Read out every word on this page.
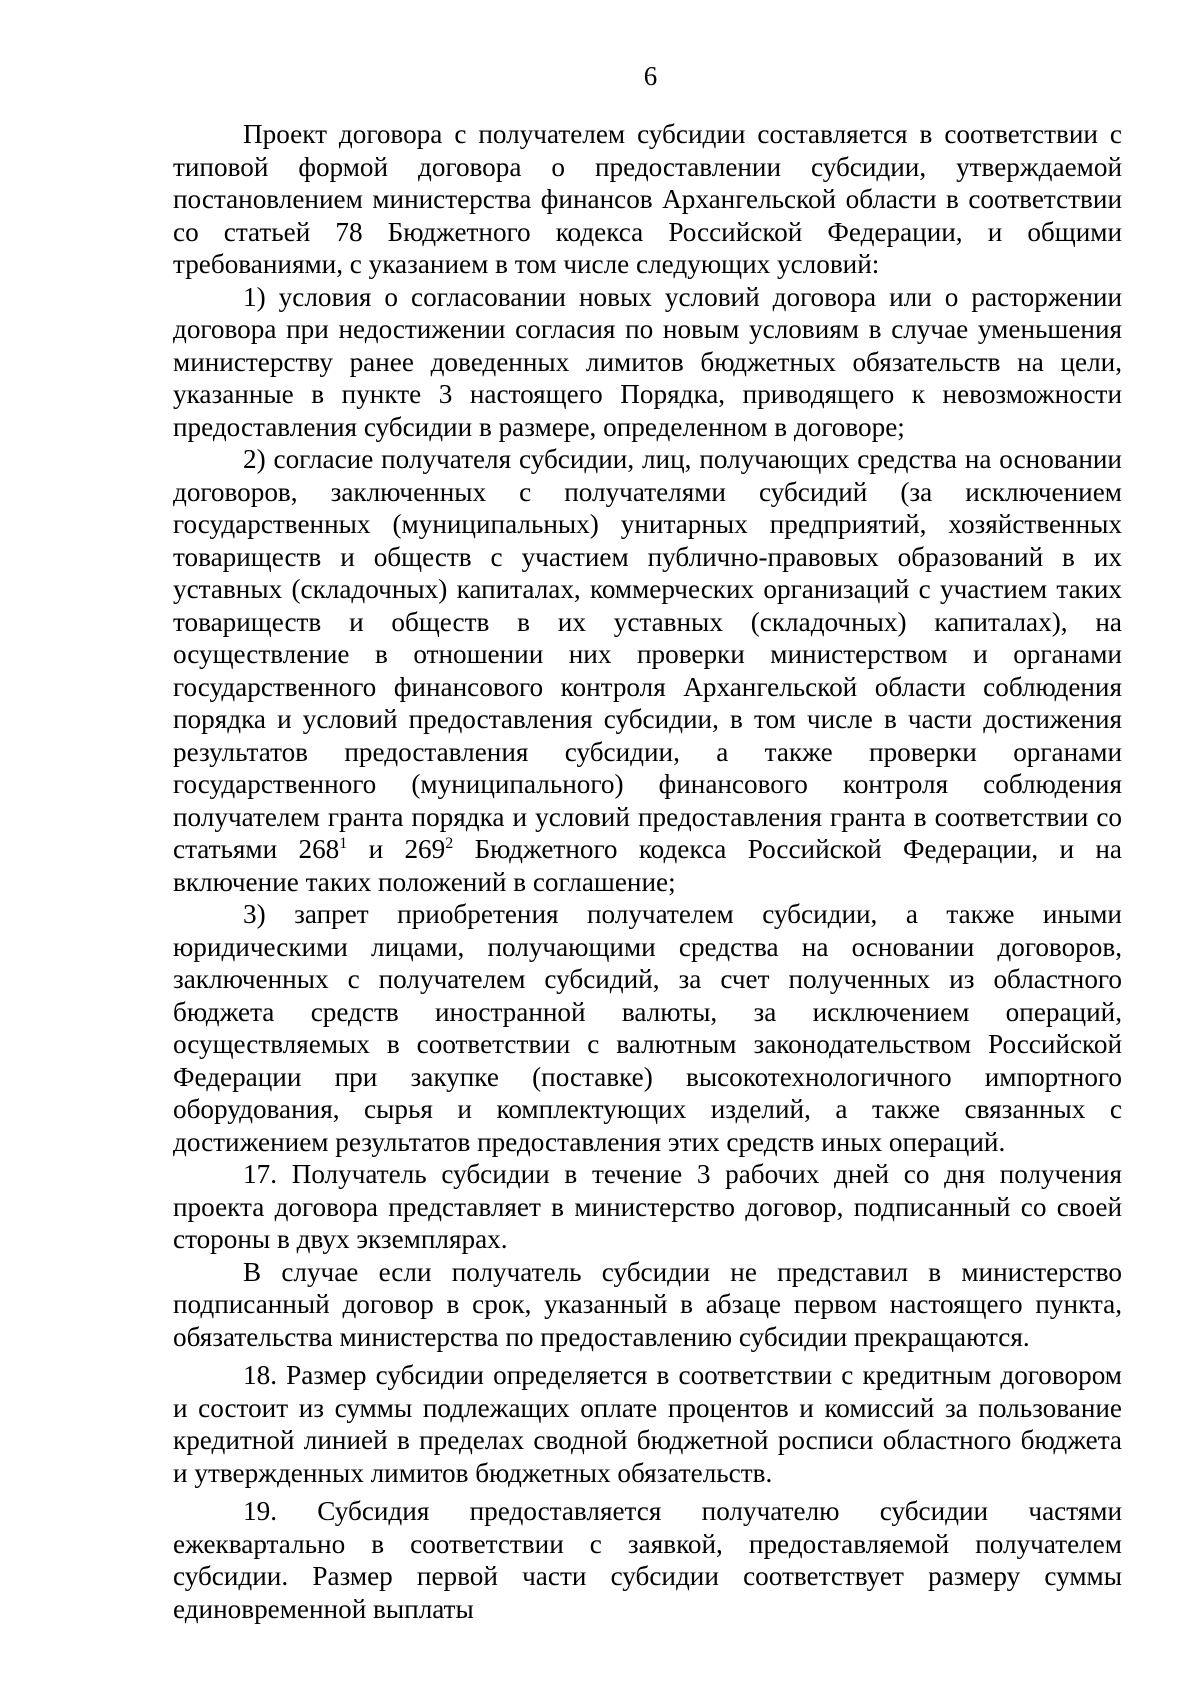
6

Проект договора с получателем субсидии составляется в соответствии с типовой формой договора о предоставлении субсидии, утверждаемой постановлением министерства финансов Архангельской области в соответствии со статьей 78 Бюджетного кодекса Российской Федерации, и общими требованиями, с указанием в том числе следующих условий:

1) условия о согласовании новых условий договора или о расторжении договора при недостижении согласия по новым условиям в случае уменьшения министерству ранее доведенных лимитов бюджетных обязательств на цели, указанные в пункте 3 настоящего Порядка, приводящего к невозможности предоставления субсидии в размере, определенном в договоре;

2) согласие получателя субсидии, лиц, получающих средства на основании договоров, заключенных с получателями субсидий (за исключением государственных (муниципальных) унитарных предприятий, хозяйственных товариществ и обществ с участием публично-правовых образований в их уставных (складочных) капиталах, коммерческих организаций с участием таких товариществ и обществ в их уставных (складочных) капиталах), на осуществление в отношении них проверки министерством и органами государственного финансового контроля Архангельской области соблюдения порядка и условий предоставления субсидии, в том числе в части достижения результатов предоставления субсидии, а также проверки органами государственного (муниципального) финансового контроля соблюдения получателем гранта порядка и условий предоставления гранта в соответствии со статьями $268^1$ и $269^2$ Бюджетного кодекса Российской Федерации, и на включение таких положений в соглашение;

3) запрет приобретения получателем субсидии, а также иными юридическими лицами, получающими средства на основании договоров, заключенных с получателем субсидий, за счет полученных из областного бюджета средств иностранной валюты, за исключением операций, осуществляемых в соответствии с валютным законодательством Российской Федерации при закупке (поставке) высокотехнологичного импортного оборудования, сырья и комплектующих изделий, а также связанных с достижением результатов предоставления этих средств иных операций.

17. Получатель субсидии в течение 3 рабочих дней со дня получения проекта договора представляет в министерство договор, подписанный со своей стороны в двух экземплярах.

В случае если получатель субсидии не представил в министерство подписанный договор в срок, указанный в абзаце первом настоящего пункта, обязательства министерства по предоставлению субсидии прекращаются.

18. Размер субсидии определяется в соответствии с кредитным договором и состоит из суммы подлежащих оплате процентов и комиссий за пользование кредитной линией в пределах сводной бюджетной росписи областного бюджета и утвержденных лимитов бюджетных обязательств.

19. Субсидия предоставляется получателю субсидии частями ежеквартально в соответствии с заявкой, предоставляемой получателем субсидии. Размер первой части субсидии соответствует размеру суммы единовременной выплаты
